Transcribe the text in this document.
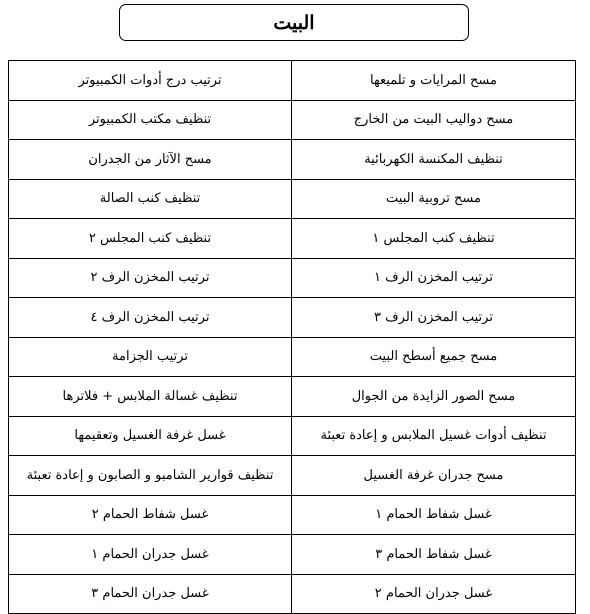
البيت
مسح المرايات و تلميعها	ترتيب درج أدوات الكمبيوتر
مسح دواليب البيت من الخارج	تنظيف مكتب الكمبيوتر
تنظيف المكنسة الكهربائية	مسح الآثار من الجدران
مسح تروبية البيت	تنظيف كنب الصالة
تنظيف كنب المجلس ١	تنظيف كنب المجلس ٢
ترتيب المخزن الرف ١	ترتيب المخزن الرف ٢
ترتيب المخزن الرف ٣	ترتيب المخزن الرف ٤
مسح جميع أسطح البيت	ترتيب الجزامة
مسح الصور الزايدة من الجوال	تنظيف غسالة الملابس + فلاترها
تنظيف أدوات غسيل الملابس و إعادة تعبئة	غسل غرفة الغسيل وتعقيمها
مسح جدران غرفة الغسيل	تنظيف قوارير الشامبو و الصابون و إعادة تعبئة
غسل شفاط الحمام ١	غسل شفاط الحمام ٢
غسل شفاط الحمام ٣	غسل جدران الحمام ١
غسل جدران الحمام ٢	غسل جدران الحمام ٣
